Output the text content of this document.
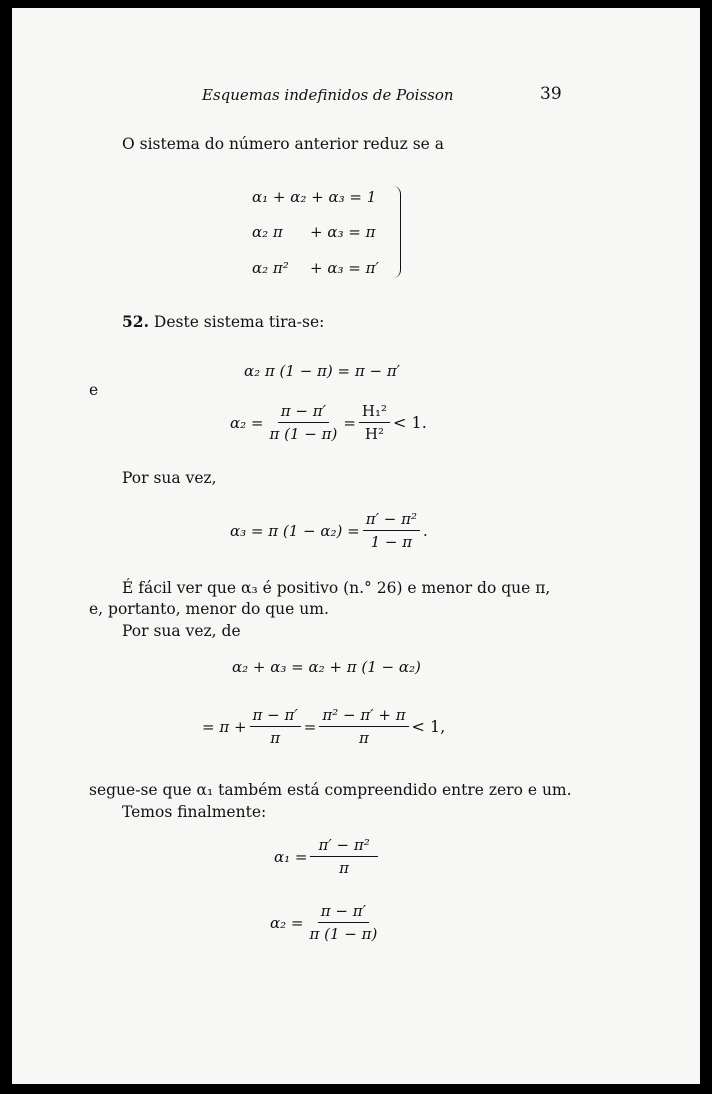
Esquemas indefinidos de Poisson	39
O sistema do número anterior reduz se a
α₁ + α₂ + α₃ = 1
α₂ π + α₃ = π
α₂ π² + α₃ = π′
52. Deste sistema tira-se:
α₂ π (1 − π) = π − π′
e
$\alpha_2 = \frac{\pi - \pi'}{\pi (1 - \pi)} = \frac{\text{H₁²}}{\text{H²}} < 1$.
Por sua vez,
α₃ = π $(1 - \alpha_2) = \frac{\text{π′ − π²}}{1 - \pi}$ .
É fácil ver que α₃ é positivo (n.° 26) e menor do que π,
e, portanto, menor do que um.
Por sua vez, de
α₂ + α₃ = α₂ + π (1 − α₂)
= $\pi + \frac{\pi - \pi'}{\pi} = \frac{\text{π² − π′ + π}}{\pi} < 1$,
segue-se que α₁ também está compreendido entre zero e um.
Temos finalmente:
$\alpha_1 = \frac{\text{π′ − π²}}{\pi}$
$\alpha_2 = \frac{\pi - \pi'}{\pi (1 - \pi)}$
